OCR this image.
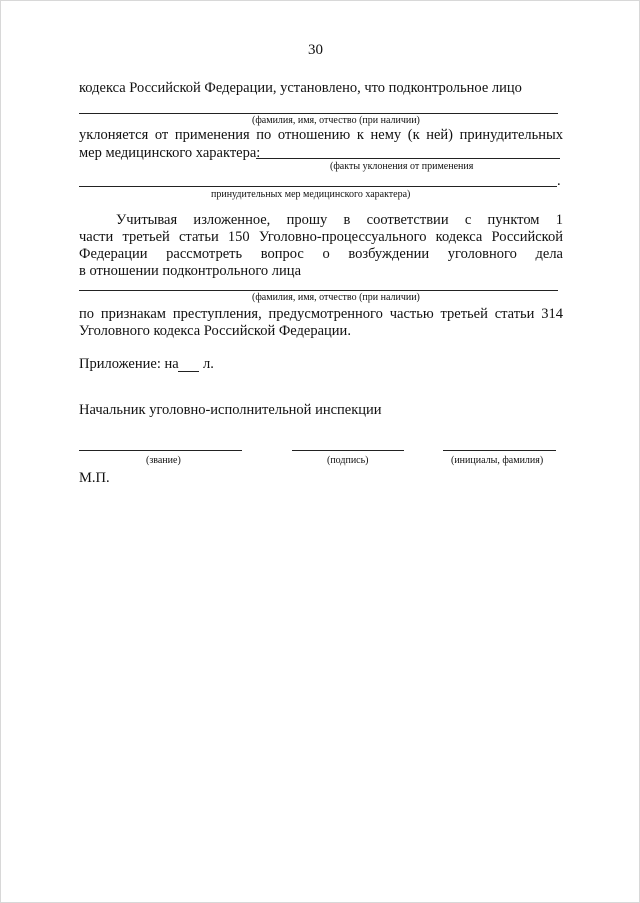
30
кодекса Российской Федерации, установлено, что подконтрольное лицо
(фамилия, имя, отчество (при наличии)
уклоняется от применения по отношению к нему (к ней) принудительных
мер медицинского характера:
(факты уклонения от применения
.
принудительных мер медицинского характера)
Учитывая изложенное, прошу в соответствии с пунктом 1
части третьей статьи 150 Уголовно-процессуального кодекса Российской
Федерации рассмотреть вопрос о возбуждении уголовного дела
в отношении подконтрольного лица
(фамилия, имя, отчество (при наличии)
по признакам преступления, предусмотренного частью третьей статьи 314
Уголовного кодекса Российской Федерации.
Приложение: на л.
Начальник уголовно-исполнительной инспекции
(звание)	(подпись)	(инициалы, фамилия)
М.П.
